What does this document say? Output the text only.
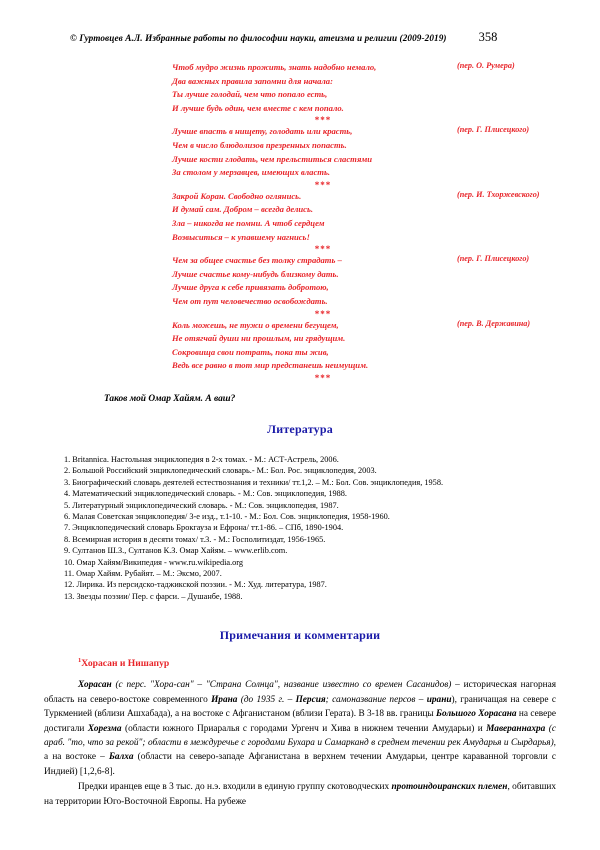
© Гуртовцев А.Л. Избранные работы по философии науки, атеизма и религии (2009-2019)	358
(пер. О. Румера)
Чтоб мудро жизнь прожить, знать надобно немало,
Два важных правила запомни для начала:
Ты лучше голодай, чем что попало есть,
И лучше будь один, чем вместе с кем попало.
***
(пер. Г. Плисецкого)
Лучше впасть в нищету, голодать или красть,
Чем в число блюдолизов презренных попасть.
Лучше кости глодать, чем прельститься сластями
За столом у мерзавцев, имеющих власть.
***
(пер. И. Тхоржевского)
Закрой Коран. Свободно оглянись.
И думай сам. Добром – всегда делись.
Зла – никогда не помни. А чтоб сердцем
Возвыситься – к упавшему нагнись!
***
(пер. Г. Плисецкого)
Чем за общее счастье без толку страдать –
Лучше счастье кому-нибудь близкому дать.
Лучше друга к себе привязать добротою,
Чем от пут человечество освобождать.
***
(пер. В. Державина)
Коль можешь, не тужи о времени бегущем,
Не отягчай души ни прошлым, ни грядущим.
Сокровища свои потрать, пока ты жив,
Ведь все равно в тот мир предстанешь неимущим.
***
Таков мой Омар Хайям. А ваш?
Литература
1. Britannica. Настольная энциклопедия в 2-х томах. - М.: АСТ-Астрель, 2006.
2. Большой Российский энциклопедический словарь.- М.: Бол. Рос. энциклопедия, 2003.
3. Биографический словарь деятелей естествознания и техники/ тт.1,2. – М.: Бол. Сов. энциклопедия, 1958.
4. Математический энциклопедический словарь. - М.: Сов. энциклопедия, 1988.
5. Литературный энциклопедический словарь. - М.: Сов. энциклопедия, 1987.
6. Малая Советская энциклопедия/ 3-е изд., т.1-10. - М.: Бол. Сов. энциклопедия, 1958-1960.
7. Энциклопедический словарь Брокгауза и Ефрона/ тт.1-86. – СПб, 1890-1904.
8. Всемирная история в десяти томах/ т.3. - М.: Госполитиздат, 1956-1965.
9. Султанов Ш.З., Султанов К.З. Омар Хайям. – www.erlib.com.
10. Омар Хайям/Википедия - www.ru.wikipedia.org
11. Омар Хайям. Рубайят. – М.: Эксмо, 2007.
12. Лирика. Из персидско-таджикской поэзии. - М.: Худ. литература, 1987.
13. Звезды поэзии/ Пер. с фарси. – Душанбе, 1988.
Примечания и комментарии
$^1$Хорасан и Нишапур
Хорасан (с перс. "Хора-сан" – "Страна Солнца", название известно со времен Сасанидов) – историческая нагорная область на северо-востоке современного Ирана (до 1935 г. – Персия; самоназвание персов – ирани), граничащая на севере с Туркменией (вблизи Ашхабада), а на востоке с Афганистаном (вблизи Герата). В 3-18 вв. границы Большого Хорасана на севере достигали Хорезма (области южного Приаралья с городами Ургенч и Хива в нижнем течении Амударьи) и Мавераннахра (с араб. "то, что за рекой"; области в междуречье с городами Бухара и Самарканд в среднем течении рек Амударья и Сырдарья), а на востоке – Балха (области на северо-западе Афганистана в верхнем течении Амударьи, центре караванной торговли с Индией) [1,2,6-8].
Предки иранцев еще в 3 тыс. до н.э. входили в единую группу скотоводческих протоиндоиранских племен, обитавших на территории Юго-Восточной Европы. На рубеже
